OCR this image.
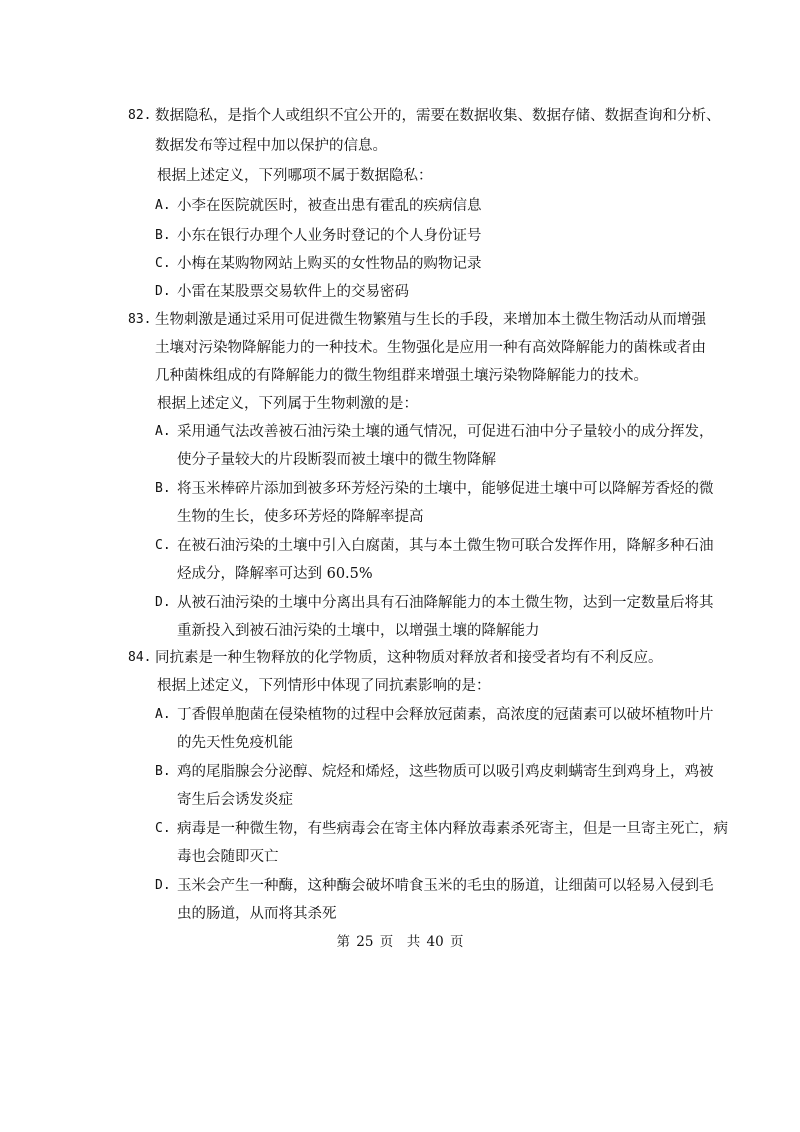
82. 数据隐私，是指个人或组织不宜公开的，需要在数据收集、数据存储、数据查询和分析、
数据发布等过程中加以保护的信息。
根据上述定义，下列哪项不属于数据隐私：
A. 小李在医院就医时，被查出患有霍乱的疾病信息
B. 小东在银行办理个人业务时登记的个人身份证号
C. 小梅在某购物网站上购买的女性物品的购物记录
D. 小雷在某股票交易软件上的交易密码
83. 生物刺激是通过采用可促进微生物繁殖与生长的手段，来增加本土微生物活动从而增强
土壤对污染物降解能力的一种技术。生物强化是应用一种有高效降解能力的菌株或者由
几种菌株组成的有降解能力的微生物组群来增强土壤污染物降解能力的技术。
根据上述定义，下列属于生物刺激的是：
A. 采用通气法改善被石油污染土壤的通气情况，可促进石油中分子量较小的成分挥发，
使分子量较大的片段断裂而被土壤中的微生物降解
B. 将玉米棒碎片添加到被多环芳烃污染的土壤中，能够促进土壤中可以降解芳香烃的微
生物的生长，使多环芳烃的降解率提高
C. 在被石油污染的土壤中引入白腐菌，其与本土微生物可联合发挥作用，降解多种石油
烃成分，降解率可达到 60.5%
D. 从被石油污染的土壤中分离出具有石油降解能力的本土微生物，达到一定数量后将其
重新投入到被石油污染的土壤中，以增强土壤的降解能力
84. 同抗素是一种生物释放的化学物质，这种物质对释放者和接受者均有不利反应。
根据上述定义，下列情形中体现了同抗素影响的是：
A. 丁香假单胞菌在侵染植物的过程中会释放冠菌素，高浓度的冠菌素可以破坏植物叶片
的先天性免疫机能
B. 鸡的尾脂腺会分泌醇、烷烃和烯烃，这些物质可以吸引鸡皮刺螨寄生到鸡身上，鸡被
寄生后会诱发炎症
C. 病毒是一种微生物，有些病毒会在寄主体内释放毒素杀死寄主，但是一旦寄主死亡，病
毒也会随即灭亡
D. 玉米会产生一种酶，这种酶会破坏啃食玉米的毛虫的肠道，让细菌可以轻易入侵到毛
虫的肠道，从而将其杀死
第 25 页　共 40 页
